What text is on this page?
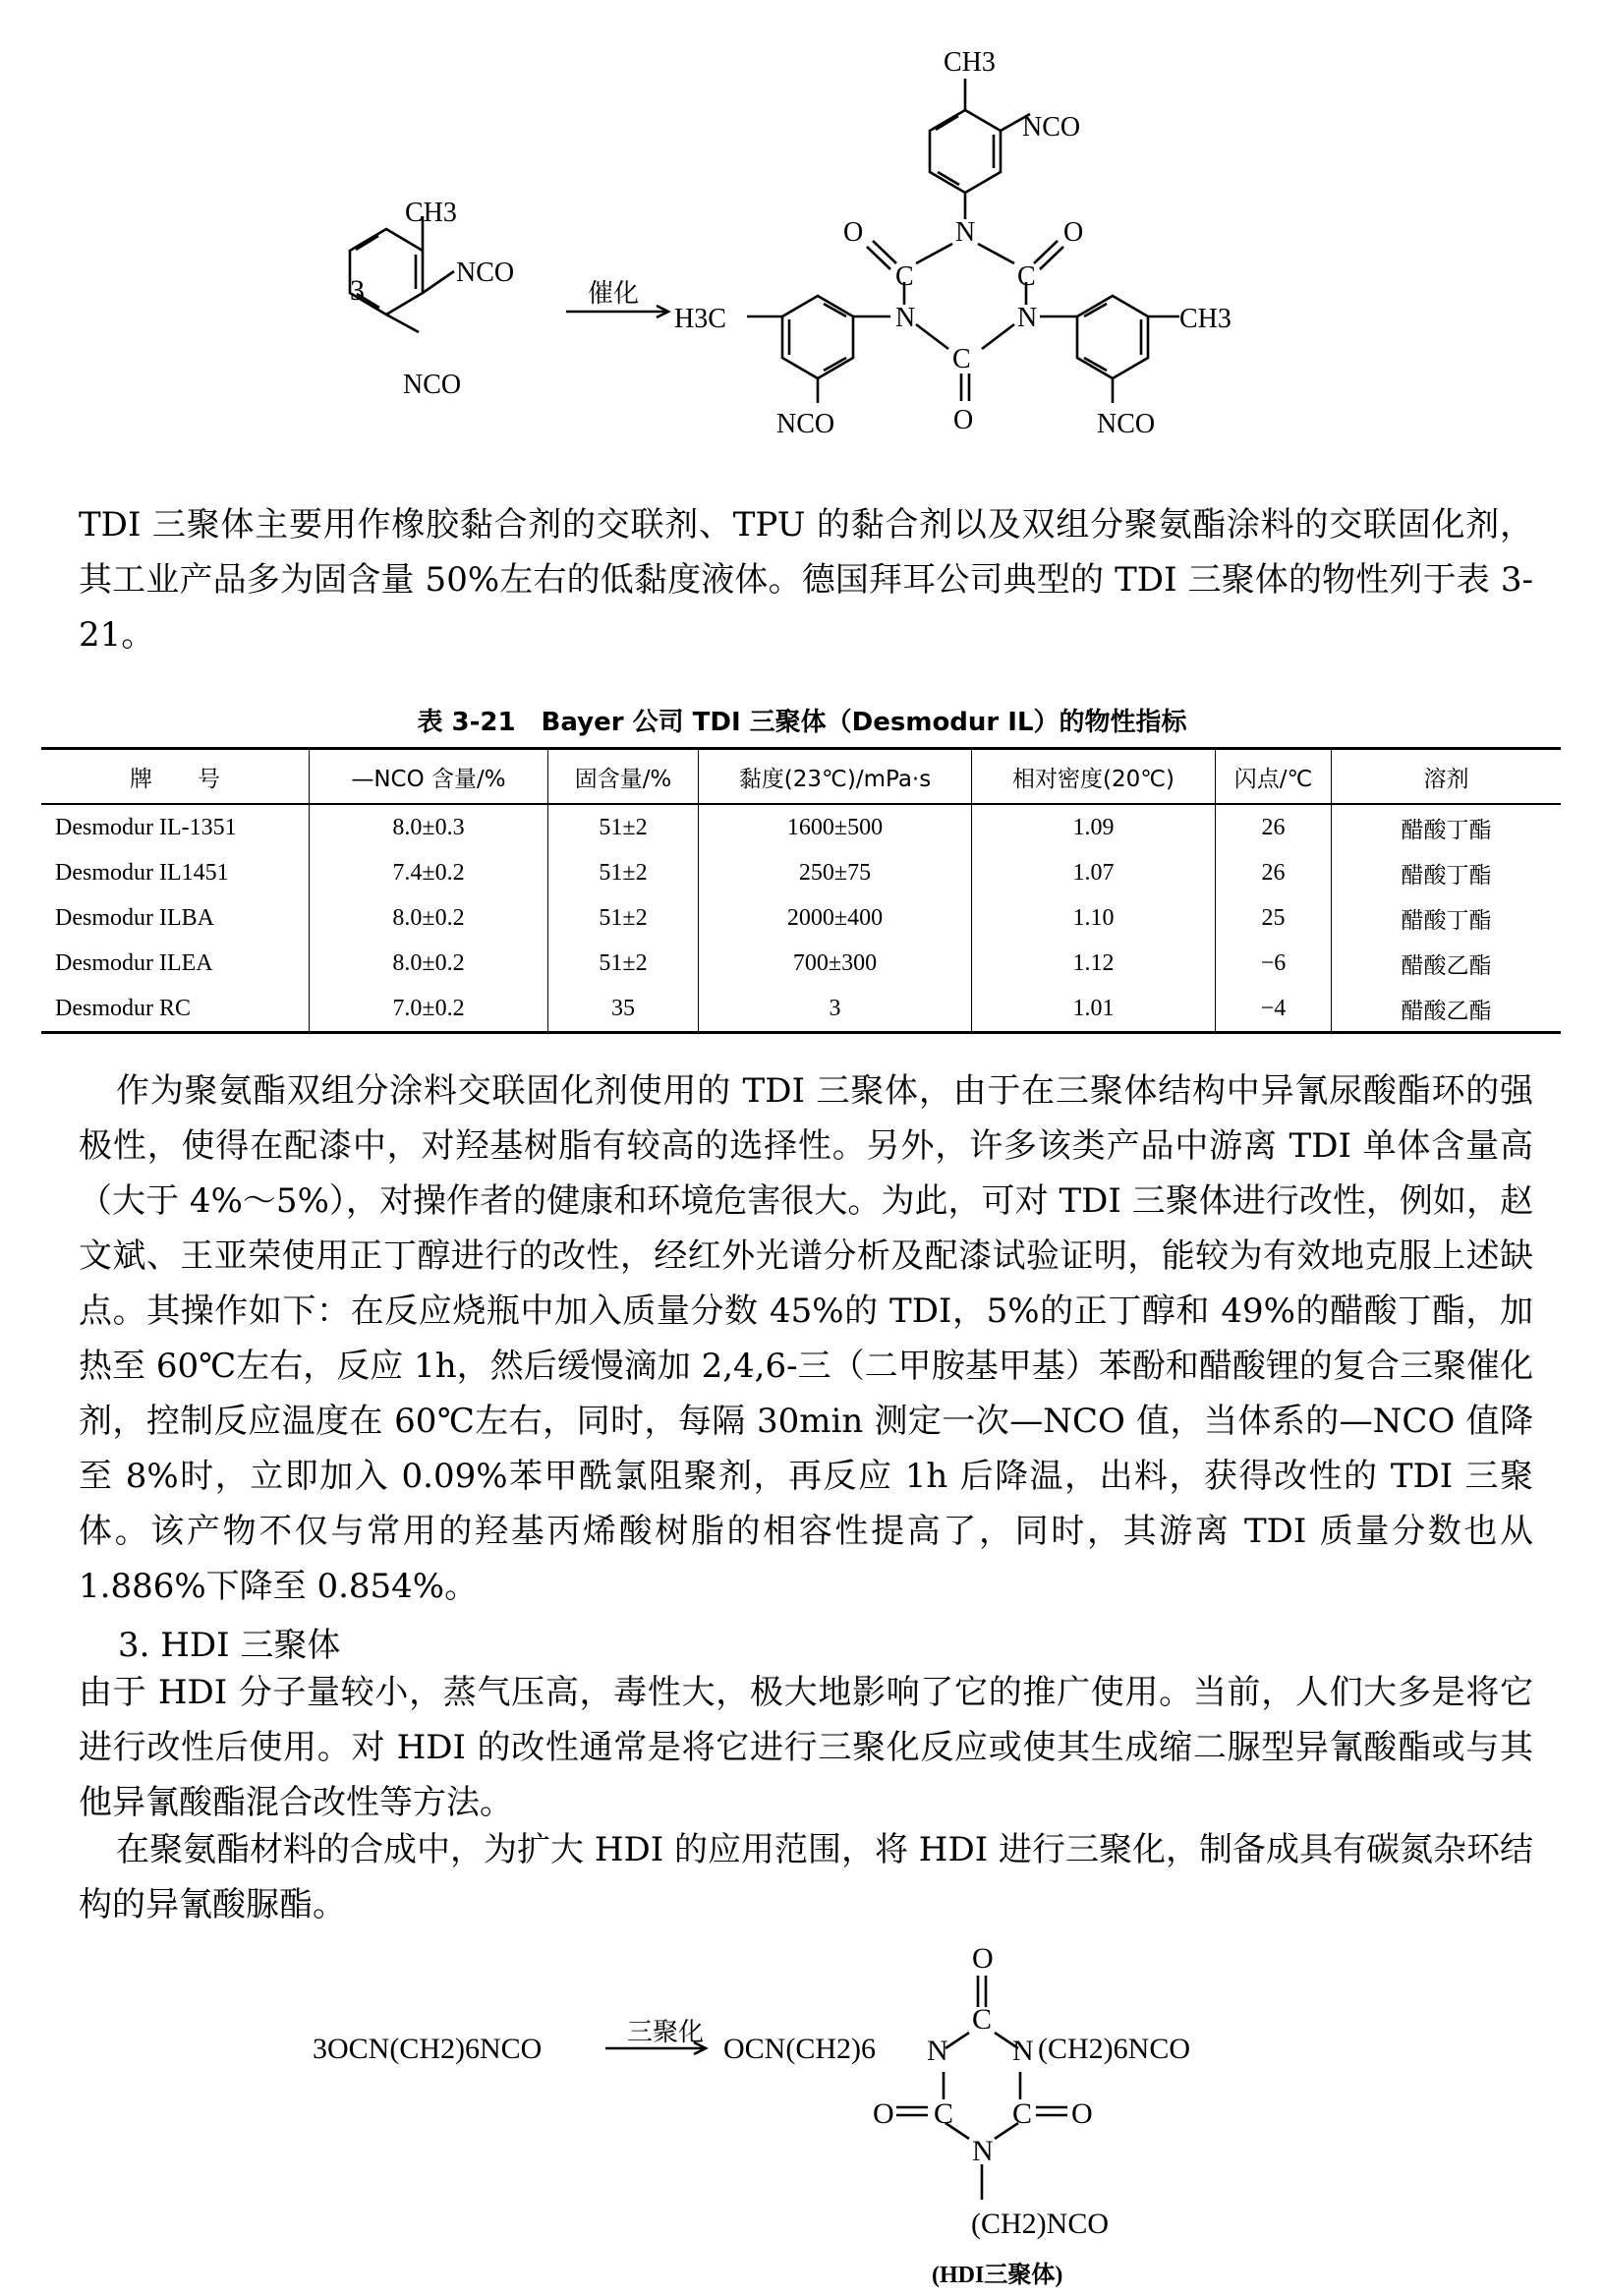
CH3
NCO
NCO
3	催化
CH3
NCO
N
C	C
N	N
C
O	O
O
H3C
NCO
CH3
NCO
TDI 三聚体主要用作橡胶黏合剂的交联剂、TPU 的黏合剂以及双组分聚氨酯涂料的交联固化剂，其工业产品多为固含量 50%左右的低黏度液体。德国拜耳公司典型的 TDI 三聚体的物性列于表 3-21。
表 3-21　Bayer 公司 TDI 三聚体（Desmodur IL）的物性指标
牌　　号	—NCO 含量/%	固含量/%	黏度(23℃)/mPa·s	相对密度(20℃)	闪点/℃	溶剂
Desmodur IL-1351	8.0±0.3	51±2	1600±500	1.09	26	醋酸丁酯
Desmodur IL1451	7.4±0.2	51±2	250±75	1.07	26	醋酸丁酯
Desmodur ILBA	8.0±0.2	51±2	2000±400	1.10	25	醋酸丁酯
Desmodur ILEA	8.0±0.2	51±2	700±300	1.12	−6	醋酸乙酯
Desmodur RC	7.0±0.2	35	3	1.01	−4	醋酸乙酯
作为聚氨酯双组分涂料交联固化剂使用的 TDI 三聚体，由于在三聚体结构中异氰尿酸酯环的强极性，使得在配漆中，对羟基树脂有较高的选择性。另外，许多该类产品中游离 TDI 单体含量高（大于 4%～5%），对操作者的健康和环境危害很大。为此，可对 TDI 三聚体进行改性，例如，赵文斌、王亚荣使用正丁醇进行的改性，经红外光谱分析及配漆试验证明，能较为有效地克服上述缺点。其操作如下：在反应烧瓶中加入质量分数 45%的 TDI，5%的正丁醇和 49%的醋酸丁酯，加热至 60℃左右，反应 1h，然后缓慢滴加 2,4,6-三（二甲胺基甲基）苯酚和醋酸锂的复合三聚催化剂，控制反应温度在 60℃左右，同时，每隔 30min 测定一次—NCO 值，当体系的—NCO 值降至 8%时，立即加入 0.09%苯甲酰氯阻聚剂，再反应 1h 后降温，出料，获得改性的 TDI 三聚体。该产物不仅与常用的羟基丙烯酸树脂的相容性提高了，同时，其游离 TDI 质量分数也从 1.886%下降至 0.854%。
3. HDI 三聚体
由于 HDI 分子量较小，蒸气压高，毒性大，极大地影响了它的推广使用。当前，人们大多是将它进行改性后使用。对 HDI 的改性通常是将它进行三聚化反应或使其生成缩二脲型异氰酸酯或与其他异氰酸酯混合改性等方法。
在聚氨酯材料的合成中，为扩大 HDI 的应用范围，将 HDI 进行三聚化，制备成具有碳氮杂环结构的异氰酸脲酯。
3OCN(CH2)6NCO
三聚化
OCN(CH2)6 N N (CH2)6NCO
O
C
C C
O	O
N
(CH2)NCO
(HDI三聚体)
